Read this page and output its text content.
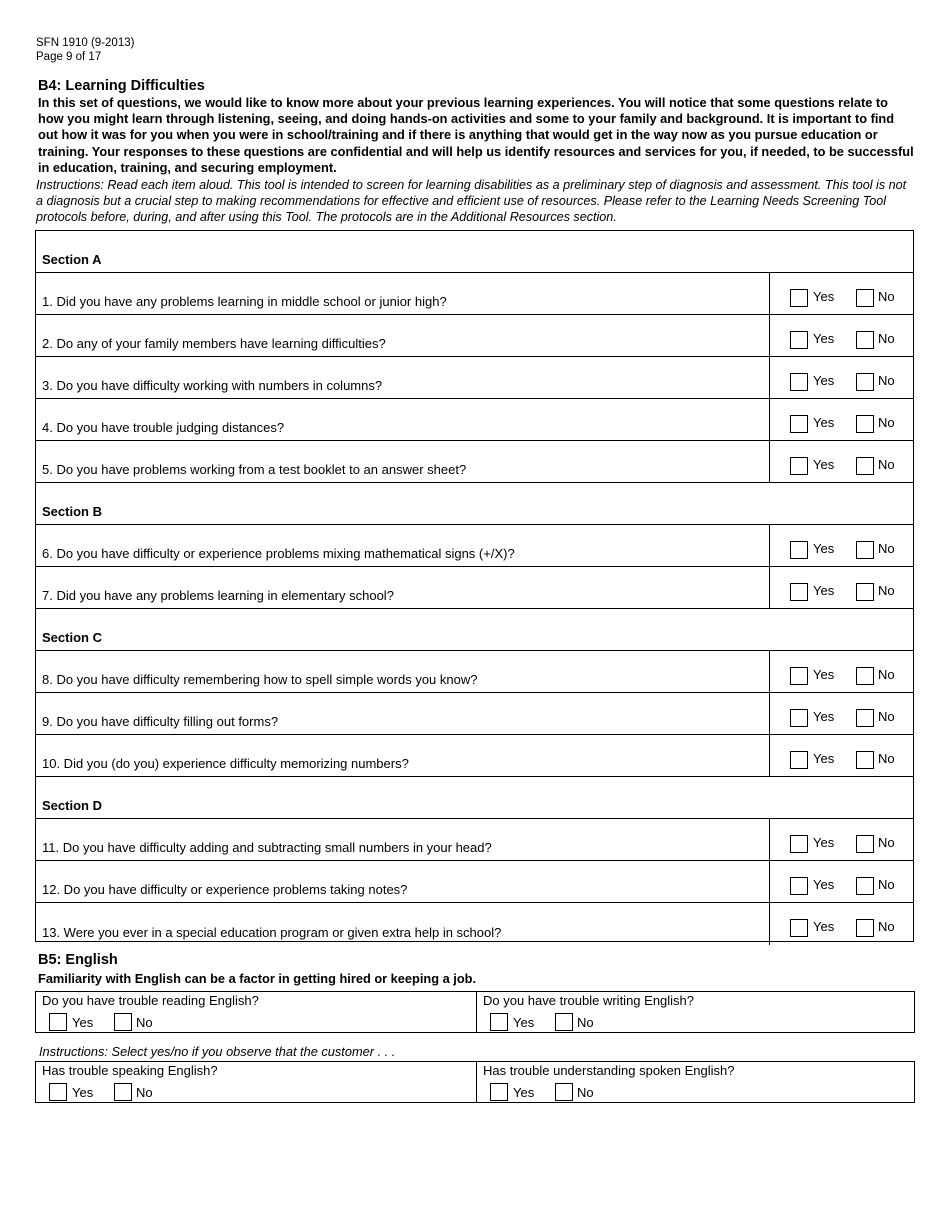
SFN 1910 (9-2013)
Page 9 of 17
B4: Learning Difficulties
In this set of questions, we would like to know more about your previous learning experiences. You will notice that some questions relate to how you might learn through listening, seeing, and doing hands-on activities and some to your family and background. It is important to find out how it was for you when you were in school/training and if there is anything that would get in the way now as you pursue education or training. Your responses to these questions are confidential and will help us identify resources and services for you, if needed, to be successful in education, training, and securing employment.
Instructions: Read each item aloud. This tool is intended to screen for learning disabilities as a preliminary step of diagnosis and assessment. This tool is not a diagnosis but a crucial step to making recommendations for effective and efficient use of resources. Please refer to the Learning Needs Screening Tool protocols before, during, and after using this Tool. The protocols are in the Additional Resources section.
Section A
1. Did you have any problems learning in middle school or junior high?	Yes	No
2. Do any of your family members have learning difficulties?	Yes	No
3. Do you have difficulty working with numbers in columns?	Yes	No
4. Do you have trouble judging distances?	Yes	No
5. Do you have problems working from a test booklet to an answer sheet?	Yes	No
Section B
6. Do you have difficulty or experience problems mixing mathematical signs (+/X)?	Yes	No
7. Did you have any problems learning in elementary school?	Yes	No
Section C
8. Do you have difficulty remembering how to spell simple words you know?	Yes	No
9. Do you have difficulty filling out forms?	Yes	No
10. Did you (do you) experience difficulty memorizing numbers?	Yes	No
Section D
11. Do you have difficulty adding and subtracting small numbers in your head?	Yes	No
12. Do you have difficulty or experience problems taking notes?	Yes	No
13. Were you ever in a special education program or given extra help in school?	Yes	No
B5: English
Familiarity with English can be a factor in getting hired or keeping a job.
Do you have trouble reading English?
Yes	No
Do you have trouble writing English?
Yes	No
Instructions: Select yes/no if you observe that the customer . . .
Has trouble speaking English?
Yes	No
Has trouble understanding spoken English?
Yes	No
